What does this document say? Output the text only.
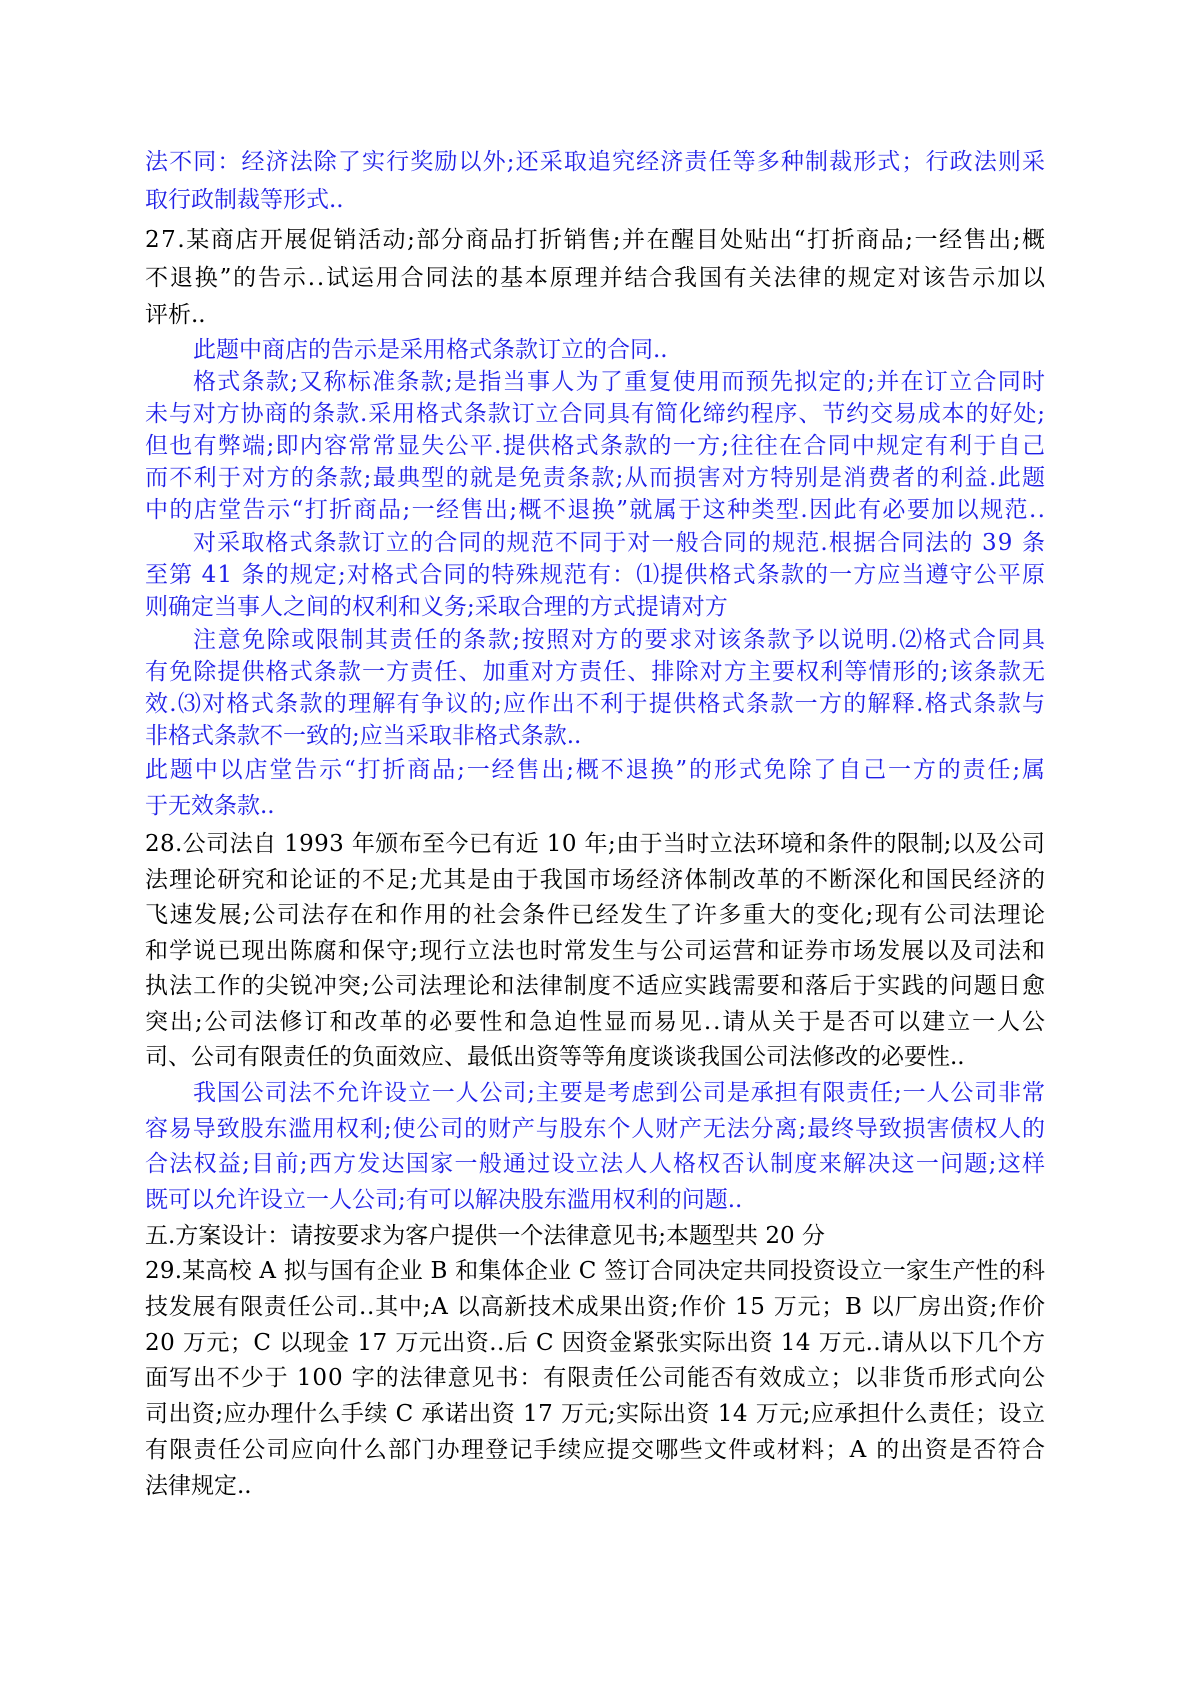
法不同：经济法除了实行奖励以外;还采取追究经济责任等多种制裁形式；行政法则采
取行政制裁等形式..
27.某商店开展促销活动;部分商品打折销售;并在醒目处贴出“打折商品;一经售出;概
不退换”的告示..试运用合同法的基本原理并结合我国有关法律的规定对该告示加以
评析..
此题中商店的告示是采用格式条款订立的合同..
格式条款;又称标准条款;是指当事人为了重复使用而预先拟定的;并在订立合同时
未与对方协商的条款.采用格式条款订立合同具有简化缔约程序、节约交易成本的好处;
但也有弊端;即内容常常显失公平.提供格式条款的一方;往往在合同中规定有利于自己
而不利于对方的条款;最典型的就是免责条款;从而损害对方特别是消费者的利益.此题
中的店堂告示“打折商品;一经售出;概不退换”就属于这种类型.因此有必要加以规范..
对采取格式条款订立的合同的规范不同于对一般合同的规范.根据合同法的 39 条
至第 41 条的规定;对格式合同的特殊规范有：⑴提供格式条款的一方应当遵守公平原
则确定当事人之间的权利和义务;采取合理的方式提请对方
注意免除或限制其责任的条款;按照对方的要求对该条款予以说明.⑵格式合同具
有免除提供格式条款一方责任、加重对方责任、排除对方主要权利等情形的;该条款无
效.⑶对格式条款的理解有争议的;应作出不利于提供格式条款一方的解释.格式条款与
非格式条款不一致的;应当采取非格式条款..
此题中以店堂告示“打折商品;一经售出;概不退换”的形式免除了自己一方的责任;属
于无效条款..
28.公司法自 1993 年颁布至今已有近 10 年;由于当时立法环境和条件的限制;以及公司
法理论研究和论证的不足;尤其是由于我国市场经济体制改革的不断深化和国民经济的
飞速发展;公司法存在和作用的社会条件已经发生了许多重大的变化;现有公司法理论
和学说已现出陈腐和保守;现行立法也时常发生与公司运营和证券市场发展以及司法和
执法工作的尖锐冲突;公司法理论和法律制度不适应实践需要和落后于实践的问题日愈
突出;公司法修订和改革的必要性和急迫性显而易见..请从关于是否可以建立一人公
司、公司有限责任的负面效应、最低出资等等角度谈谈我国公司法修改的必要性..
我国公司法不允许设立一人公司;主要是考虑到公司是承担有限责任;一人公司非常
容易导致股东滥用权利;使公司的财产与股东个人财产无法分离;最终导致损害债权人的
合法权益;目前;西方发达国家一般通过设立法人人格权否认制度来解决这一问题;这样
既可以允许设立一人公司;有可以解决股东滥用权利的问题..
五.方案设计：请按要求为客户提供一个法律意见书;本题型共 20 分
29.某高校 A 拟与国有企业 B 和集体企业 C 签订合同决定共同投资设立一家生产性的科
技发展有限责任公司..其中;A 以高新技术成果出资;作价 15 万元；B 以厂房出资;作价
20 万元；C 以现金 17 万元出资..后 C 因资金紧张实际出资 14 万元..请从以下几个方
面写出不少于 100 字的法律意见书：有限责任公司能否有效成立；以非货币形式向公
司出资;应办理什么手续 C 承诺出资 17 万元;实际出资 14 万元;应承担什么责任；设立
有限责任公司应向什么部门办理登记手续应提交哪些文件或材料；A 的出资是否符合
法律规定..
